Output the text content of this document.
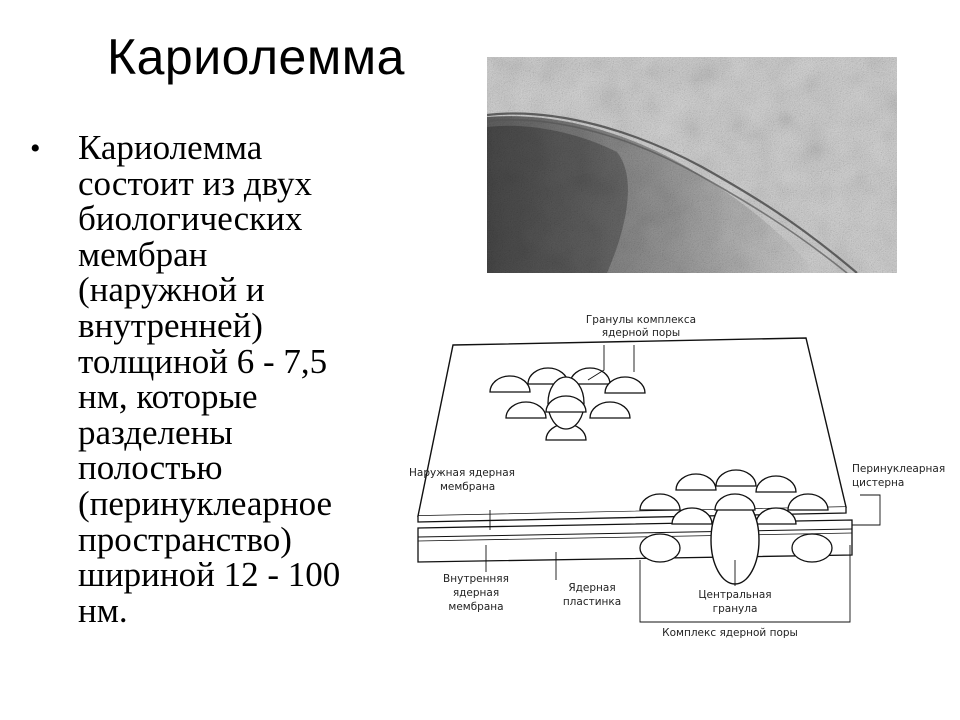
Кариолемма
• Кариолемма
состоит из двух
биологических
мембран
(наружной и
внутренней)
толщиной 6 - 7,5
нм, которые
разделены
полостью
(перинуклеарное
пространство)
шириной 12 - 100
нм.
Гранулы комплекса
ядерной поры
Наружная ядерная
мембрана
Перинуклеарная
цистерна
Внутренняя
ядерная
мембрана
Ядерная
пластинка
Центральная
гранула
Комплекс ядерной поры
